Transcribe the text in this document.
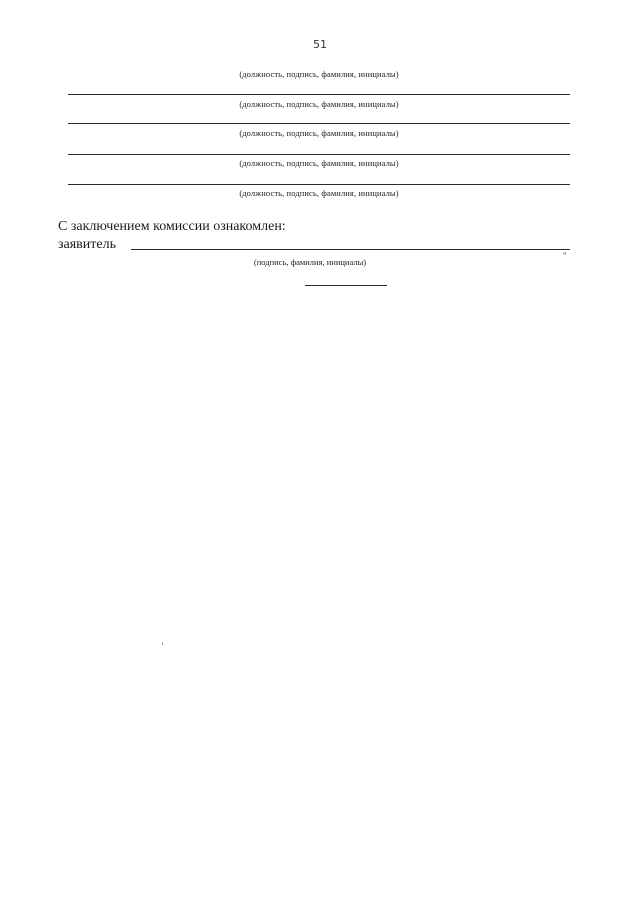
51
(должность, подпись, фамилия, инициалы)
(должность, подпись, фамилия, инициалы)
(должность, подпись, фамилия, инициалы)
(должность, подпись, фамилия, инициалы)
(должность, подпись, фамилия, инициалы)
С заключением комиссии ознакомлен:
заявитель
(подпись, фамилия, инициалы)
"
